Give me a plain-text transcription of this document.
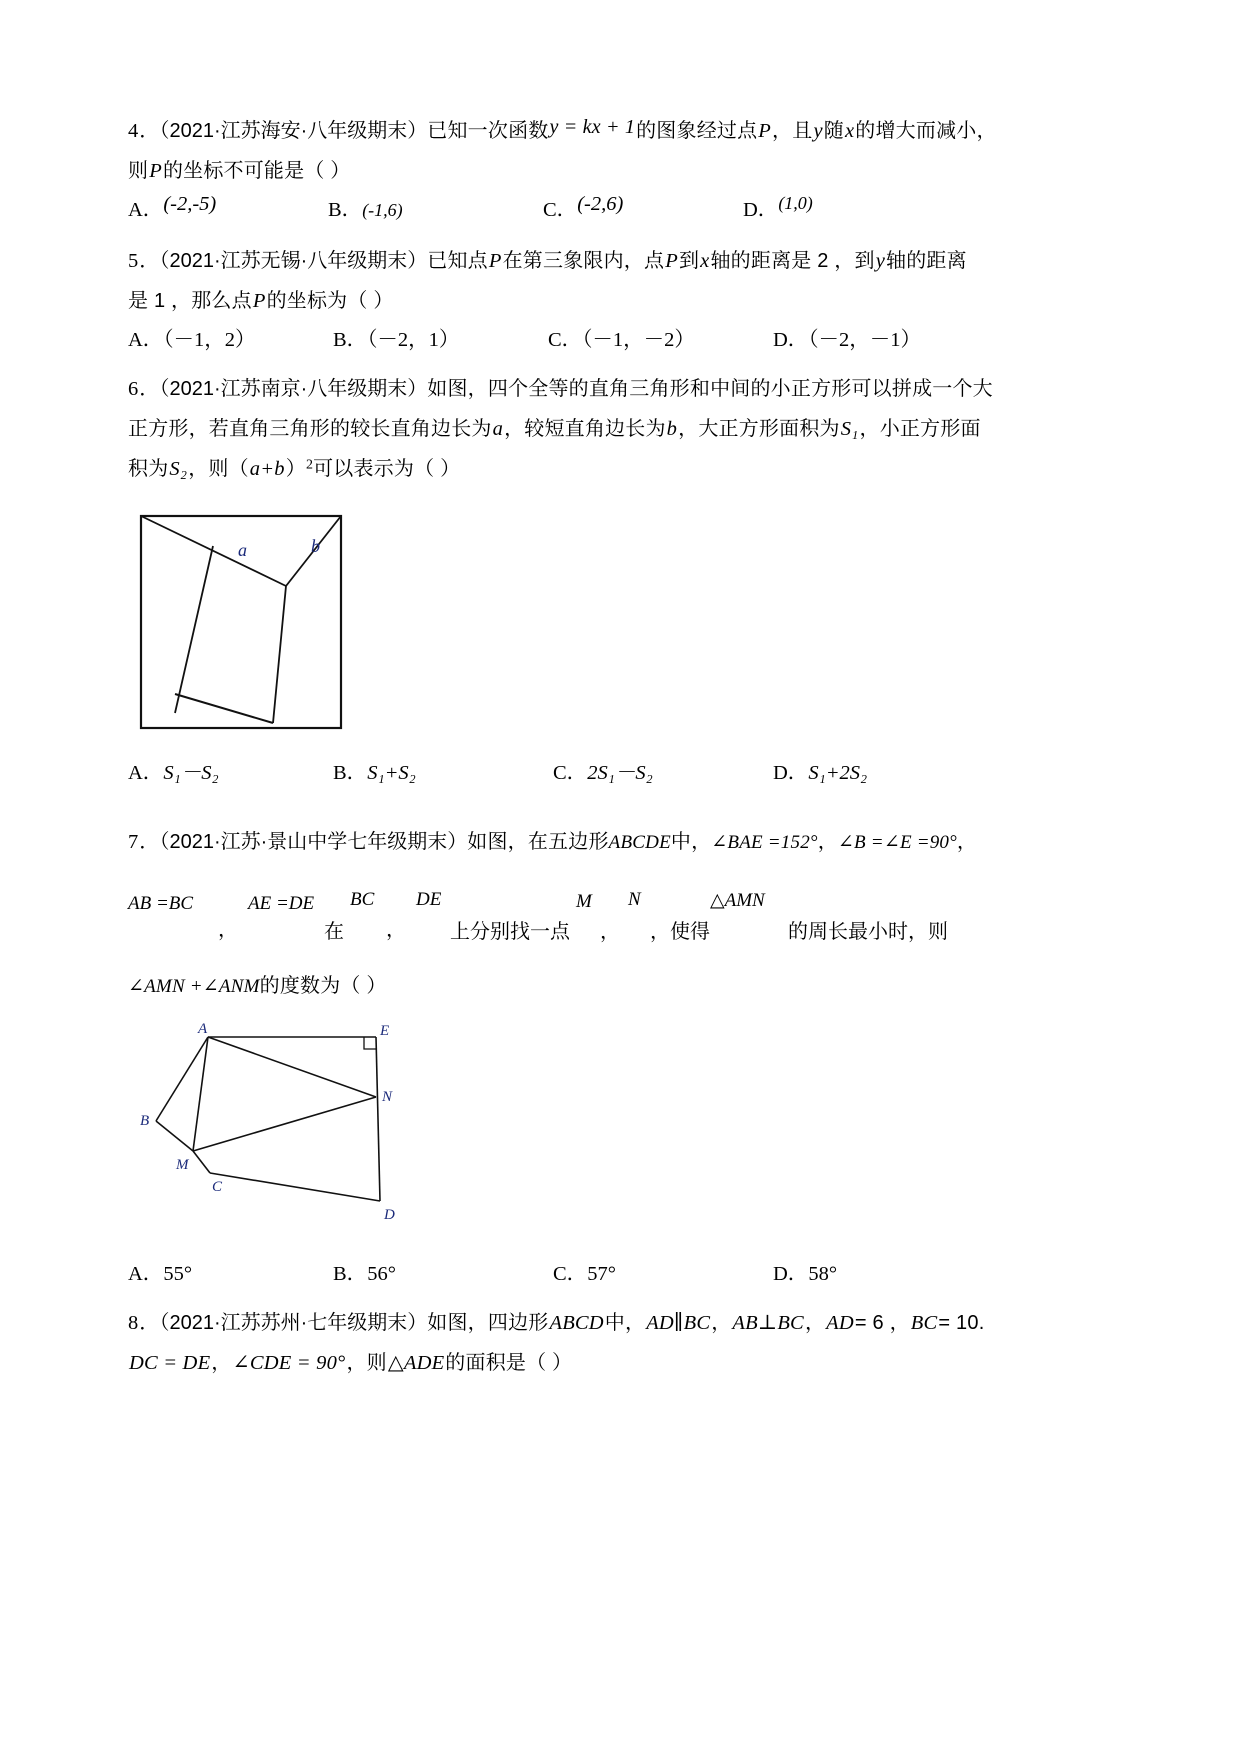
4．（2021·江苏海安·八年级期末）已知一次函数y = kx + 1的图象经过点P，且y随x的增大而减小，
则P的坐标不可能是（ ）
A．(-2,-5)	B．(-1,6)	C．(-2,6)	D．(1,0)
5．（2021·江苏无锡·八年级期末）已知点P在第三象限内，点P到x轴的距离是 2 ，到y轴的距离
是 1 ，那么点P的坐标为（ ）
A．（－1，2）	B．（－2，1）	C．（－1，－2）	D．（－2，－1）
6．（2021·江苏南京·八年级期末）如图，四个全等的直角三角形和中间的小正方形可以拼成一个大
正方形，若直角三角形的较长直角边长为a，较短直角边长为b，大正方形面积为S₁，小正方形面
积为S₂，则$(a+b)^2$可以表示为（ ）
a	b
A．S₁－S₂	B．S₁+S₂	C．2S₁－S₂	D．S₁+2S₂
7．（2021·江苏·景山中学七年级期末）如图，在五边形ABCDE中，∠BAE =152°，∠B =∠E =90°，
AB =BC
，
AE =DE
在
BC
，
DE
上分别找一点
M
，
N
，使得
△AMN
的周长最小时，则
∠AMN +∠ANM的度数为（ ）
A
B
C
D
E
M
N
A．55°	B．56°	C．57°	D．58°
8．（2021·江苏苏州·七年级期末）如图，四边形ABCD中，AD∥BC，AB⊥BC，AD= 6 ，BC= 10.
DC = DE，∠CDE = 90°，则△ADE的面积是（ ）
